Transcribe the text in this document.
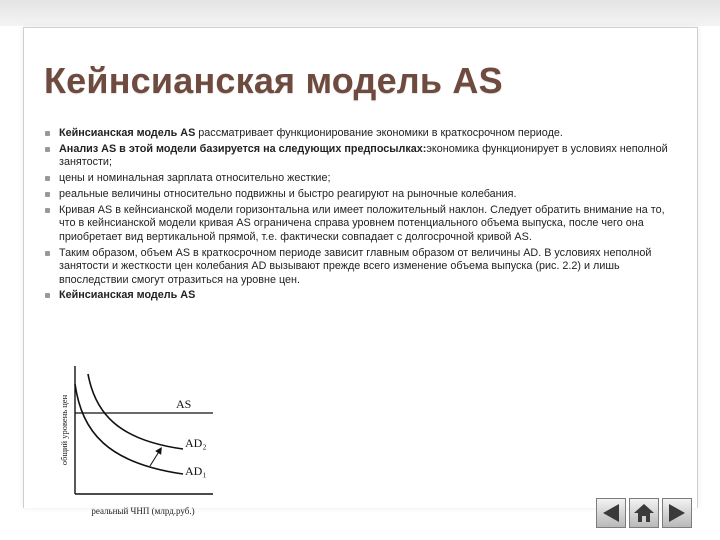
Кейнсианская модель AS
Кейнсианская модель AS рассматривает функционирование экономики в краткосрочном периоде.
Анализ AS в этой модели базируется на следующих предпосылках:экономика функционирует в условиях неполной занятости;
цены и номинальная зарплата относительно жесткие;
реальные величины относительно подвижны и быстро реагируют на рыночные колебания.
Кривая AS в кейнсианской модели горизонтальна или имеет положительный наклон. Следует обратить внимание на то, что в кейнсианской модели кривая AS ограничена справа уровнем потенциального объема выпуска, после чего она приобретает вид вертикальной прямой, т.е. фактически совпадает с долгосрочной кривой AS.
Таким образом, объем AS в краткосрочном периоде зависит главным образом от величины AD. В условиях неполной занятости и жесткости цен колебания AD вызывают прежде всего изменение объема выпуска (рис. 2.2) и лишь впоследствии смогут отразиться на уровне цен.
Кейнсианская модель AS
общий уровень цен
реальный ЧНП (млрд.руб.)
AS
AD₂
AD₁
